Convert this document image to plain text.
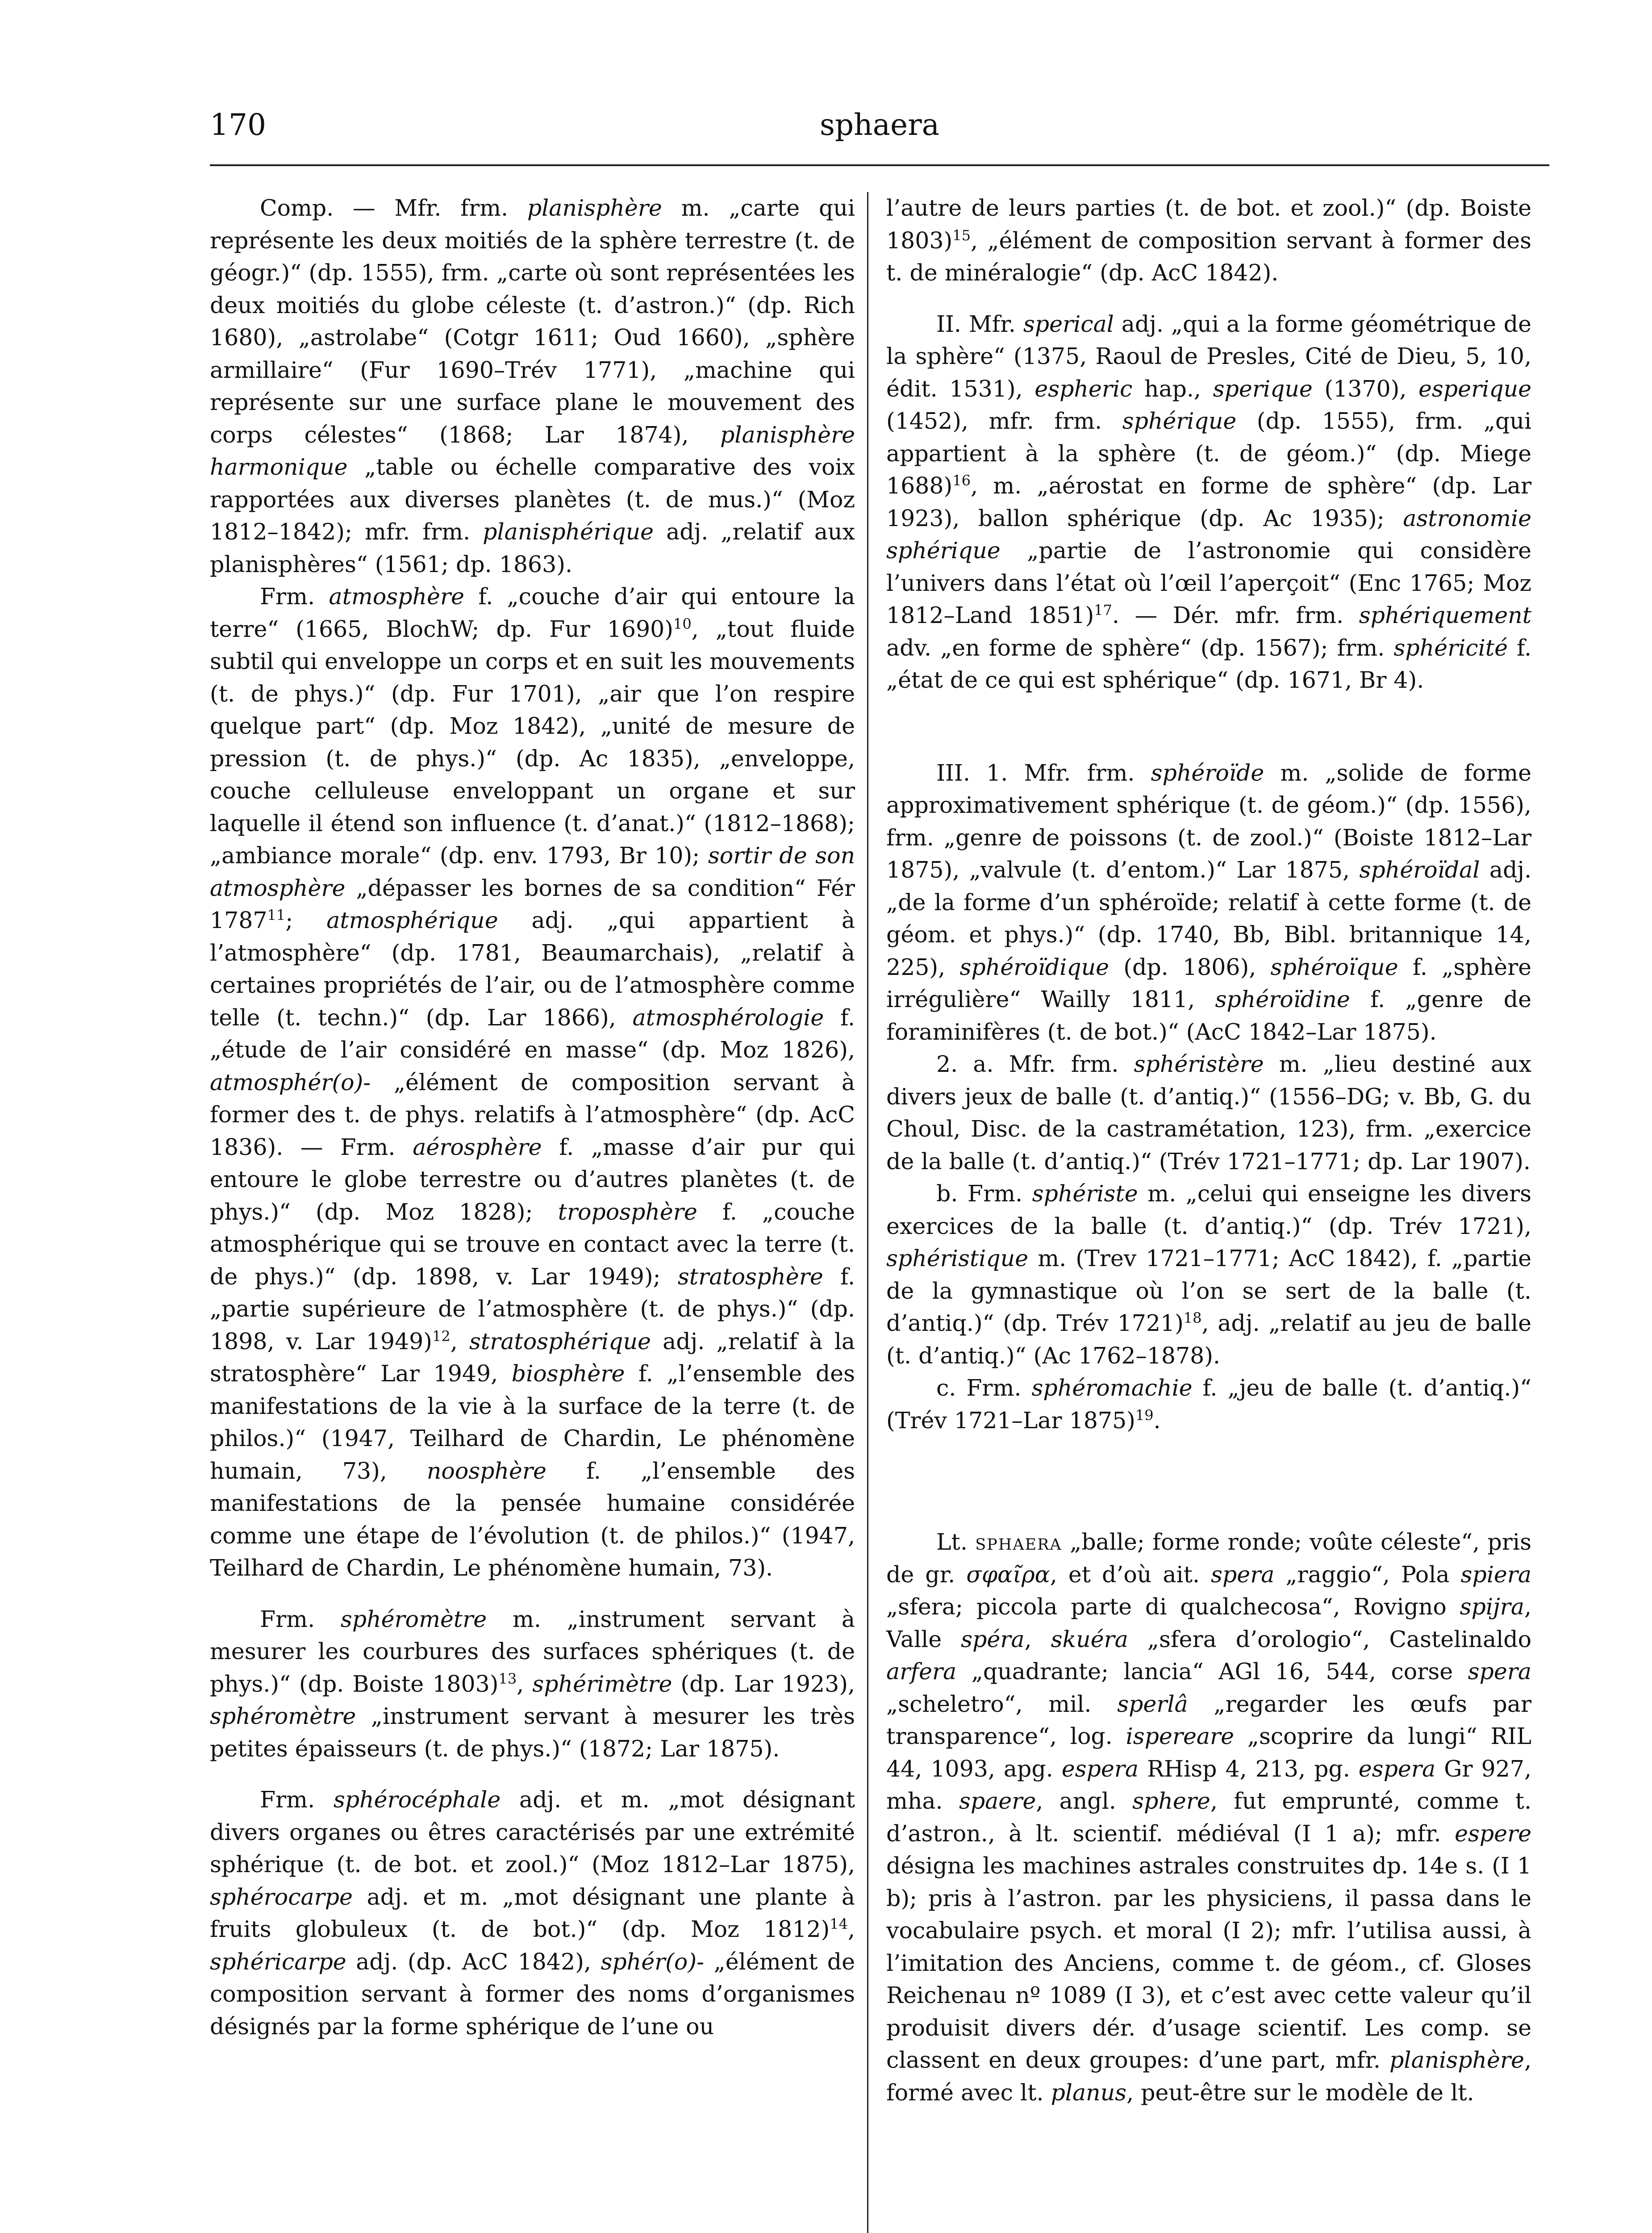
170	sphaera

Comp. — Mfr. frm. planisphère m. „carte qui représente les deux moitiés de la sphère terrestre (t. de géogr.)“ (dp. 1555), frm. „carte où sont représentées les deux moitiés du globe céleste (t. d’astron.)“ (dp. Rich 1680), „astrolabe“ (Cotgr 1611; Oud 1660), „sphère armillaire“ (Fur 1690–Trév 1771), „machine qui représente sur une surface plane le mouvement des corps célestes“ (1868; Lar 1874), planisphère harmonique „table ou échelle comparative des voix rapportées aux diverses planètes (t. de mus.)“ (Moz 1812–1842); mfr. frm. planisphérique adj. „relatif aux planisphères“ (1561; dp. 1863).

Frm. atmosphère f. „couche d’air qui entoure la terre“ (1665, BlochW; dp. Fur 1690)$^{10}$, „tout fluide subtil qui enveloppe un corps et en suit les mouvements (t. de phys.)“ (dp. Fur 1701), „air que l’on respire quelque part“ (dp. Moz 1842), „unité de mesure de pression (t. de phys.)“ (dp. Ac 1835), „enveloppe, couche celluleuse enveloppant un organe et sur laquelle il étend son influence (t. d’anat.)“ (1812–1868); „ambiance morale“ (dp. env. 1793, Br 10); sortir de son atmosphère „dépasser les bornes de sa condition“ Fér 1787$^{11}$; atmosphérique adj. „qui appartient à l’atmosphère“ (dp. 1781, Beaumarchais), „relatif à certaines propriétés de l’air, ou de l’atmosphère comme telle (t. techn.)“ (dp. Lar 1866), atmosphérologie f. „étude de l’air considéré en masse“ (dp. Moz 1826), atmosphér(o)- „élément de composition servant à former des t. de phys. relatifs à l’atmosphère“ (dp. AcC 1836). — Frm. aérosphère f. „masse d’air pur qui entoure le globe terrestre ou d’autres planètes (t. de phys.)“ (dp. Moz 1828); troposphère f. „couche atmosphérique qui se trouve en contact avec la terre (t. de phys.)“ (dp. 1898, v. Lar 1949); stratosphère f. „partie supérieure de l’atmosphère (t. de phys.)“ (dp. 1898, v. Lar 1949)$^{12}$, stratosphérique adj. „relatif à la stratosphère“ Lar 1949, biosphère f. „l’ensemble des manifestations de la vie à la surface de la terre (t. de philos.)“ (1947, Teilhard de Chardin, Le phénomène humain, 73), noosphère f. „l’ensemble des manifestations de la pensée humaine considérée comme une étape de l’évolution (t. de philos.)“ (1947, Teilhard de Chardin, Le phénomène humain, 73).

Frm. sphéromètre m. „instrument servant à mesurer les courbures des surfaces sphériques (t. de phys.)“ (dp. Boiste 1803)$^{13}$, sphérimètre (dp. Lar 1923), sphéromètre „instrument servant à mesurer les très petites épaisseurs (t. de phys.)“ (1872; Lar 1875).

Frm. sphérocéphale adj. et m. „mot désignant divers organes ou êtres caractérisés par une extrémité sphérique (t. de bot. et zool.)“ (Moz 1812–Lar 1875), sphérocarpe adj. et m. „mot désignant une plante à fruits globuleux (t. de bot.)“ (dp. Moz 1812)$^{14}$, sphéricarpe adj. (dp. AcC 1842), sphér(o)- „élément de composition servant à former des noms d’organismes désignés par la forme sphérique de l’une ou

l’autre de leurs parties (t. de bot. et zool.)“ (dp. Boiste 1803)$^{15}$, „élément de composition servant à former des t. de minéralogie“ (dp. AcC 1842).

II. Mfr. sperical adj. „qui a la forme géométrique de la sphère“ (1375, Raoul de Presles, Cité de Dieu, 5, 10, édit. 1531), espheric hap., sperique (1370), esperique (1452), mfr. frm. sphérique (dp. 1555), frm. „qui appartient à la sphère (t. de géom.)“ (dp. Miege 1688)$^{16}$, m. „aérostat en forme de sphère“ (dp. Lar 1923), ballon sphérique (dp. Ac 1935); astronomie sphérique „partie de l’astronomie qui considère l’univers dans l’état où l’œil l’aperçoit“ (Enc 1765; Moz 1812–Land 1851)$^{17}$. — Dér. mfr. frm. sphériquement adv. „en forme de sphère“ (dp. 1567); frm. sphéricité f. „état de ce qui est sphérique“ (dp. 1671, Br 4).

III. 1. Mfr. frm. sphéroïde m. „solide de forme approximativement sphérique (t. de géom.)“ (dp. 1556), frm. „genre de poissons (t. de zool.)“ (Boiste 1812–Lar 1875), „valvule (t. d’entom.)“ Lar 1875, sphéroïdal adj. „de la forme d’un sphéroïde; relatif à cette forme (t. de géom. et phys.)“ (dp. 1740, Bb, Bibl. britannique 14, 225), sphéroïdique (dp. 1806), sphéroïque f. „sphère irrégulière“ Wailly 1811, sphéroïdine f. „genre de foraminifères (t. de bot.)“ (AcC 1842–Lar 1875).

2. a. Mfr. frm. sphéristère m. „lieu destiné aux divers jeux de balle (t. d’antiq.)“ (1556–DG; v. Bb, G. du Choul, Disc. de la castramétation, 123), frm. „exercice de la balle (t. d’antiq.)“ (Trév 1721–1771; dp. Lar 1907).

b. Frm. sphériste m. „celui qui enseigne les divers exercices de la balle (t. d’antiq.)“ (dp. Trév 1721), sphéristique m. (Trev 1721–1771; AcC 1842), f. „partie de la gymnastique où l’on se sert de la balle (t. d’antiq.)“ (dp. Trév 1721)$^{18}$, adj. „relatif au jeu de balle (t. d’antiq.)“ (Ac 1762–1878).

c. Frm. sphéromachie f. „jeu de balle (t. d’antiq.)“ (Trév 1721–Lar 1875)$^{19}$.

Lt. sphaera „balle; forme ronde; voûte céleste“, pris de gr. σφαῖρα, et d’où ait. spera „raggio“, Pola spiera „sfera; piccola parte di qualchecosa“, Rovigno spijra, Valle spéra, skuéra „sfera d’orologio“, Castelinaldo arfera „quadrante; lancia“ AGl 16, 544, corse spera „scheletro“, mil. sperlâ „regarder les œufs par transparence“, log. ispereare „scoprire da lungi“ RIL 44, 1093, apg. espera RHisp 4, 213, pg. espera Gr 927, mha. spaere, angl. sphere, fut emprunté, comme t. d’astron., à lt. scientif. médiéval (I 1 a); mfr. espere désigna les machines astrales construites dp. 14e s. (I 1 b); pris à l’astron. par les physiciens, il passa dans le vocabulaire psych. et moral (I 2); mfr. l’utilisa aussi, à l’imitation des Anciens, comme t. de géom., cf. Gloses Reichenau nº 1089 (I 3), et c’est avec cette valeur qu’il produisit divers dér. d’usage scientif. Les comp. se classent en deux groupes: d’une part, mfr. planisphère, formé avec lt. planus, peut-être sur le modèle de lt.
